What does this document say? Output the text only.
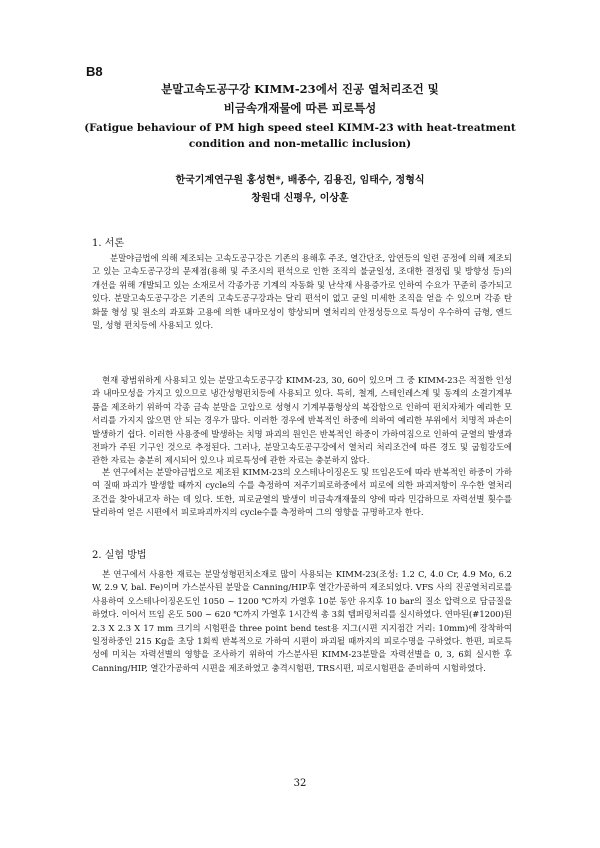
B8

분말고속도공구강 KIMM-23에서 진공 열처리조건 및

비금속개재물에 따른 피로특성

(Fatigue behaviour of PM high speed steel KIMM-23 with heat-treatment

condition and non-metallic inclusion)

한국기계연구원 홍성현*, 배종수, 김용진, 임태수, 정형식
창원대 신평우, 이상훈
1. 서론

분말야금법에 의해 제조되는 고속도공구강은 기존의 용해후 주조, 열간단조, 압연등의 일련 공정에 의해 제조되고 있는 고속도공구강의 문제점(용해 및 주조시의 편석으로 인한 조직의 불균일성, 조대한 결정립 및 방향성 등)의 개선을 위해 개발되고 있는 소재로서 각종가공 기계의 자동화 및 난삭재 사용증가로 인하여 수요가 꾸준히 증가되고 있다. 분말고속도공구강은 기존의 고속도공구강과는 달리 편석이 없고 균일 미세한 조직을 얻을 수 있으며 각종 탄화물 형성 및 원소의 과포화 고용에 의한 내마모성이 향상되며 열처리의 안정성등으로 특성이 우수하여 금형, 엔드밀, 성형 펀치등에 사용되고 있다.

현재 광범위하게 사용되고 있는 분말고속도공구강 KIMM-23, 30, 60이 있으며 그 중 KIMM-23은 적절한 인성과 내마모성을 가지고 있으므로 냉간성형펀치등에 사용되고 있다. 특히, 철계, 스테인레스계 및 동계의 소결기계부품을 제조하기 위하여 각종 금속 분말을 고압으로 성형시 기계부품형상의 복잡함으로 인하여 펀치자체가 예리한 모서리를 가지지 않으면 안 되는 경우가 많다. 이러한 경우에 반복적인 하중에 의하여 예리한 부위에서 치명적 파손이 발생하기 쉽다. 이러한 사용중에 발생하는 치명 파괴의 원인은 반복적인 하중이 가하여짐으로 인하여 균열의 발생과 전파가 주된 기구인 것으로 추정된다. 그러나, 분말고속도공구강에서 열처리 처리조건에 따른 경도 및 굽힘강도에 관한 자료는 충분히 제시되어 있으나 피로특성에 관한 자료는 충분하지 않다.

본 연구에서는 분말야금법으로 제조된 KIMM-23의 오스테나이징온도 및 뜨임온도에 따라 반복적인 하중이 가하여 질때 파괴가 발생할 때까지 cycle의 수를 측정하여 저주기피로하중에서 피로에 의한 파괴저항이 우수한 열처리 조건을 찾아내고자 하는 데 있다. 또한, 피로균열의 발생이 비금속개재물의 양에 따라 민감하므로 자력선별 횟수를 달리하여 얻은 시편에서 피로파괴까지의 cycle수를 측정하여 그의 영향을 규명하고자 한다.

2. 실험 방법

본 연구에서 사용한 재료는 분말성형펀치소재로 많이 사용되는 KIMM-23(조성: 1.2 C, 4.0 Cr, 4.9 Mo, 6.2 W, 2.9 V, bal. Fe)이며 가스분사된 분말을 Canning/HIP후 열간가공하여 제조되었다. VFS 사의 진공열처리로를 사용하여 오스테나이징온도인 1050 ~ 1200 ℃까지 가열후 10분 동안 유지후 10 bar의 질소 압력으로 담금질을 하였다. 이어서 뜨임 온도 500 ~ 620 ℃까지 가열후 1시간씩 총 3회 템퍼링처리를 실시하였다. 연마된(#1200)된 2.3 X 2.3 X 17 mm 크기의 시험편을 three point bend test용 지그(시편 지지점간 거리: 10mm)에 장착하여 일정하중인 215 Kg을 초당 1회씩 반복적으로 가하여 시편이 파괴될 때까지의 피로수명을 구하였다. 한편, 피로특성에 미치는 자력선별의 영향을 조사하기 위하여 가스분사된 KIMM-23분말을 자력선별을 0, 3, 6회 실시한 후 Canning/HIP, 열간가공하여 시편을 제조하였고 충격시험편, TRS시편, 피로시험편을 준비하여 시험하였다.

32
